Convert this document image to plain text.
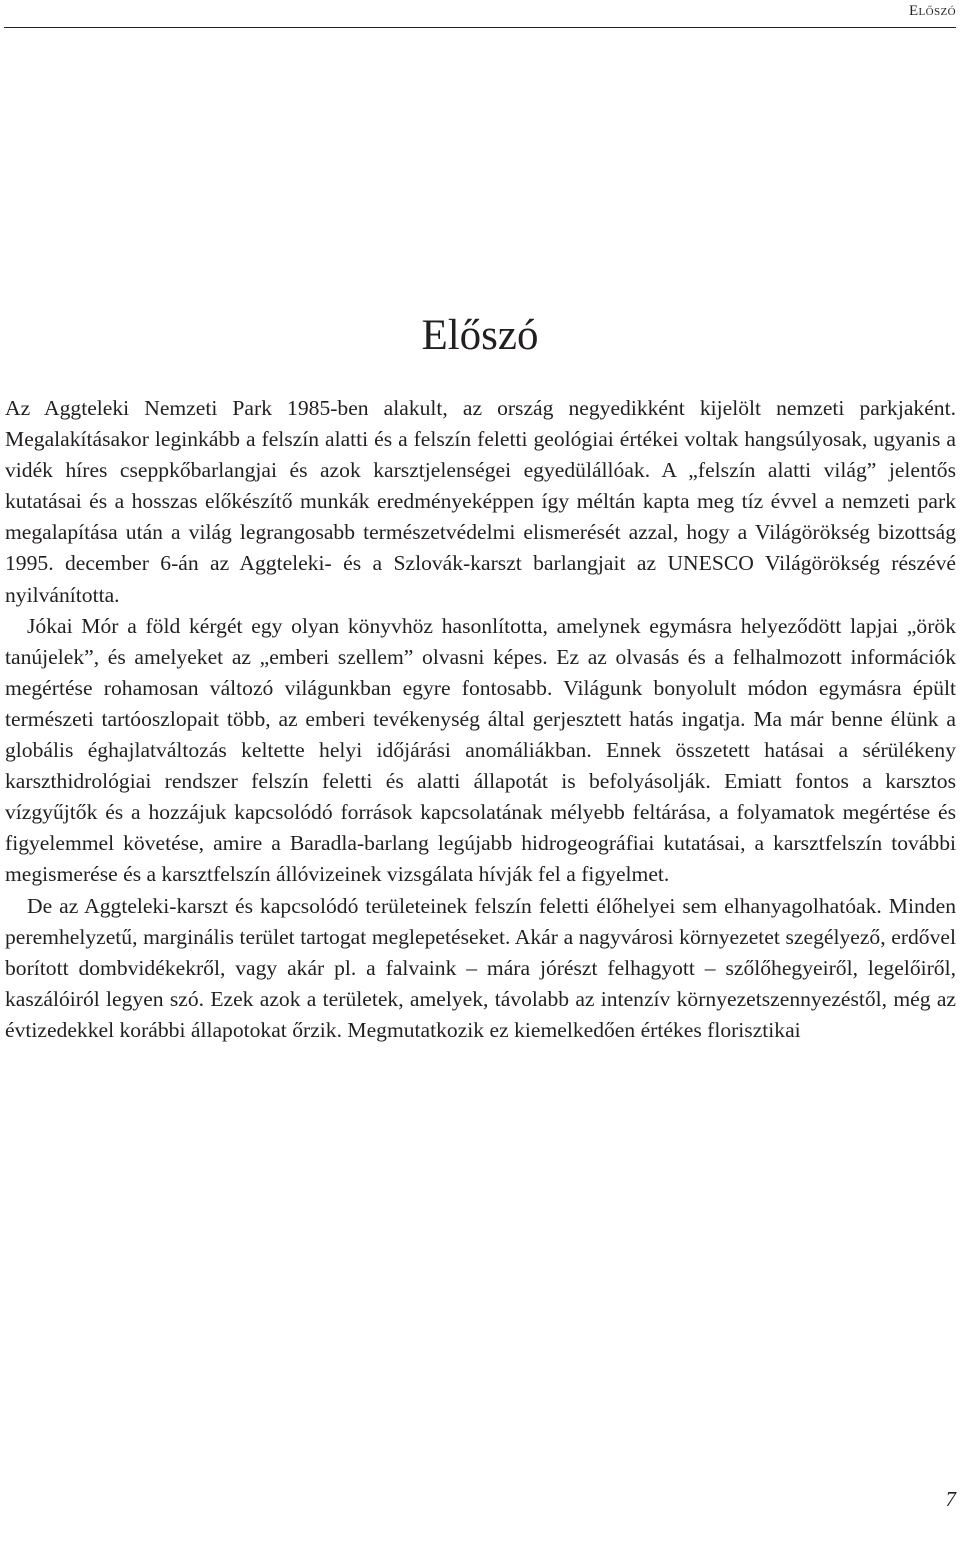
Előszó
Előszó

Az Aggteleki Nemzeti Park 1985-ben alakult, az ország negyedikként kijelölt nemzeti parkjaként. Megalakításakor leginkább a felszín alatti és a felszín feletti geológiai értékei voltak hangsúlyosak, ugyanis a vidék híres cseppkőbarlangjai és azok karsztjelenségei egyedülállóak. A „felszín alatti világ” jelentős kutatásai és a hosszas előkészítő munkák eredményeképpen így méltán kapta meg tíz évvel a nemzeti park megalapítása után a világ legrangosabb természetvédelmi elismerését azzal, hogy a Világörökség bizottság 1995. december 6-án az Aggteleki- és a Szlovák-karszt barlangjait az UNESCO Világörökség részévé nyilvánította.

Jókai Mór a föld kérgét egy olyan könyvhöz hasonlította, amelynek egymásra helyeződött lapjai „örök tanújelek”, és amelyeket az „emberi szellem” olvasni képes. Ez az olvasás és a felhalmozott információk megértése rohamosan változó világunkban egyre fontosabb. Világunk bonyolult módon egymásra épült természeti tartóoszlopait több, az emberi tevékenység által gerjesztett hatás ingatja. Ma már benne élünk a globális éghajlatváltozás keltette helyi időjárási anomáliákban. Ennek összetett hatásai a sérülékeny karszthidrológiai rendszer felszín feletti és alatti állapotát is befolyásolják. Emiatt fontos a karsztos vízgyűjtők és a hozzájuk kapcsolódó források kapcsolatának mélyebb feltárása, a folyamatok megértése és figyelemmel követése, amire a Baradla-barlang legújabb hidrogeográfiai kutatásai, a karsztfelszín további megismerése és a karsztfelszín állóvizeinek vizsgálata hívják fel a figyelmet.

De az Aggteleki-karszt és kapcsolódó területeinek felszín feletti élőhelyei sem elhanyagolhatóak. Minden peremhelyzetű, marginális terület tartogat meglepetéseket. Akár a nagyvárosi környezetet szegélyező, erdővel borított dombvidékekről, vagy akár pl. a falvaink – mára jórészt felhagyott – szőlőhegyeiről, legelőiről, kaszálóiról legyen szó. Ezek azok a területek, amelyek, távolabb az intenzív környezetszennyezéstől, még az évtizedekkel korábbi állapotokat őrzik. Megmutatkozik ez kiemelkedően értékes florisztikai

7
